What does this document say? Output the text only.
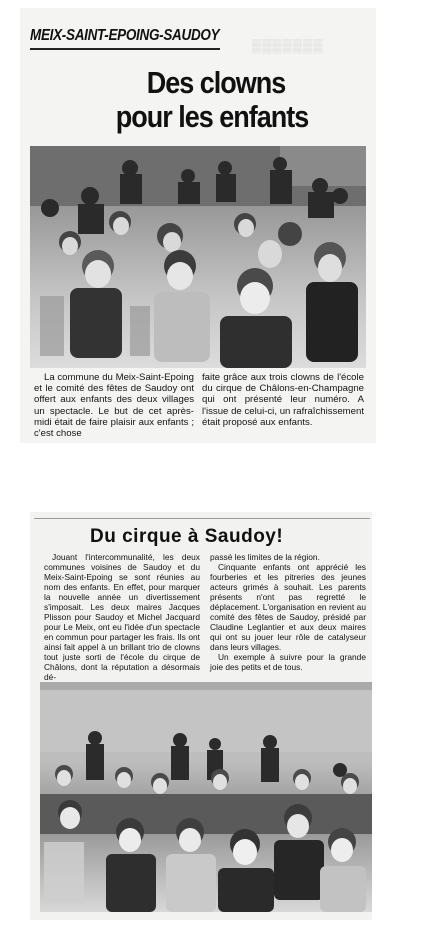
MEIX-SAINT-EPOING-SAUDOY
▒▒▒▒▒▒▒
Des clowns
pour les enfants

La commune du Meix-Saint-Epoing et le comité des fêtes de Saudoy ont offert aux enfants des deux villages un spectacle. Le but de cet après-midi était de faire plaisir aux enfants ; c'est chose

faite grâce aux trois clowns de l'école du cirque de Châlons-en-Champagne qui ont présenté leur numéro. A l'issue de celui-ci, un rafraîchissement était proposé aux enfants.

Du cirque à Saudoy!

Jouant l'intercommunalité, les deux communes voisines de Saudoy et du Meix-Saint-Epoing se sont réunies au nom des enfants. En effet, pour marquer la nouvelle année un divertissement s'imposait. Les deux maires Jacques Plisson pour Saudoy et Michel Jacquard pour Le Meix, ont eu l'idée d'un spectacle en commun pour partager les frais. Ils ont ainsi fait appel à un brillant trio de clowns tout juste sorti de l'école du cirque de Châlons, dont la réputation a désormais dé-

passé les limites de la région.

Cinquante enfants ont apprécié les fourberies et les pitreries des jeunes acteurs grimés à souhait. Les parents présents n'ont pas regretté le déplacement. L'organisation en revient au comité des fêtes de Saudoy, présidé par Claudine Leglantier et aux deux maires qui ont su jouer leur rôle de catalyseur dans leurs villages.

Un exemple à suivre pour la grande joie des petits et de tous.
